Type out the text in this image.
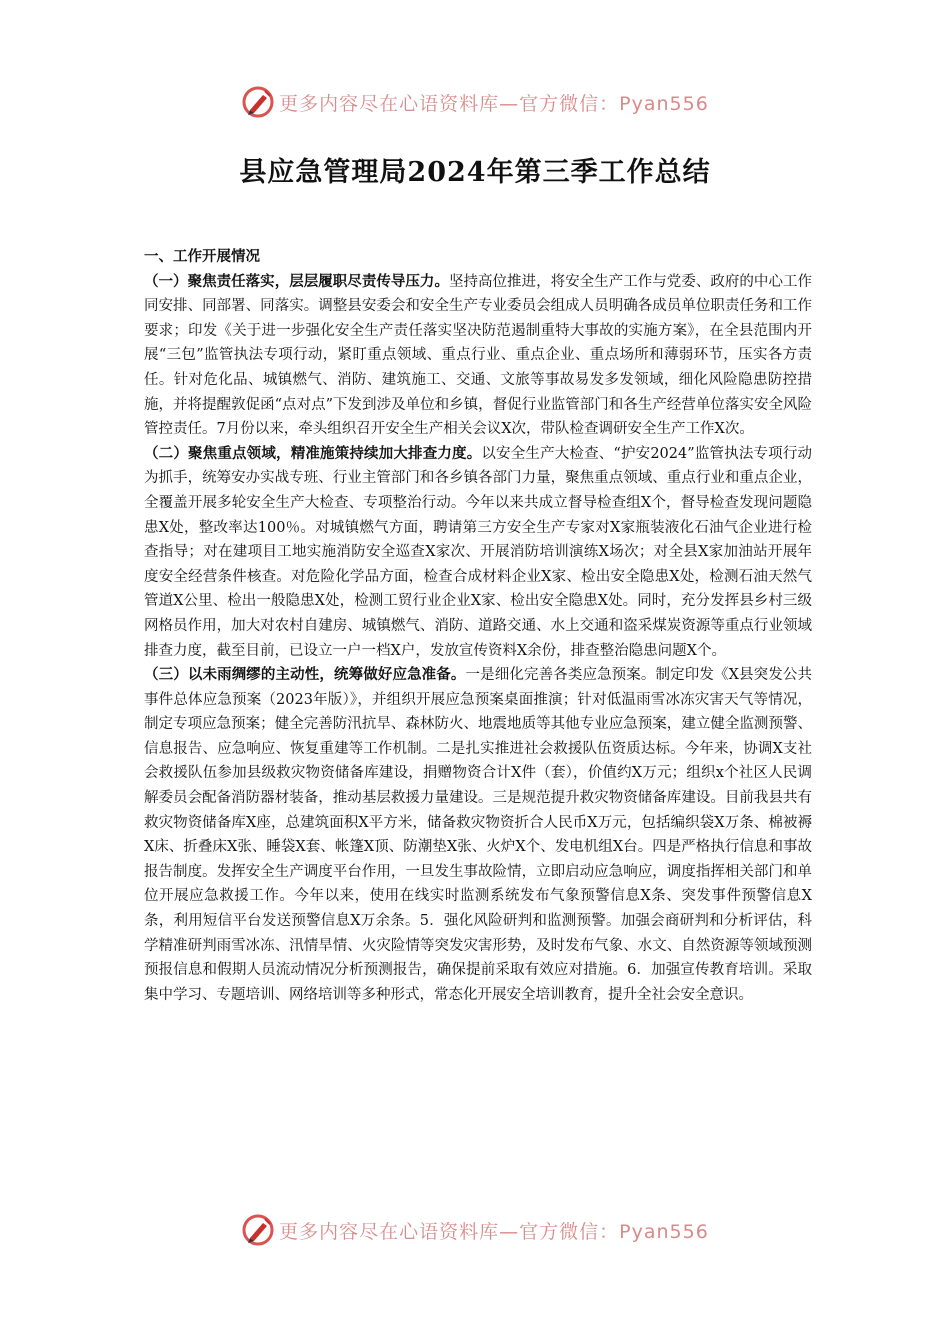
更多内容尽在心语资料库—官方微信：Pyan556
县应急管理局2024年第三季工作总结

一、工作开展情况

（一）聚焦责任落实，层层履职尽责传导压力。坚持高位推进，将安全生产工作与党委、政府的中心工作同安排、同部署、同落实。调整县安委会和安全生产专业委员会组成人员明确各成员单位职责任务和工作要求；印发《关于进一步强化安全生产责任落实坚决防范遏制重特大事故的实施方案》，在全县范围内开展“三包”监管执法专项行动，紧盯重点领域、重点行业、重点企业、重点场所和薄弱环节，压实各方责任。针对危化品、城镇燃气、消防、建筑施工、交通、文旅等事故易发多发领域，细化风险隐患防控措施，并将提醒敦促函“点对点”下发到涉及单位和乡镇，督促行业监管部门和各生产经营单位落实安全风险管控责任。7月份以来，牵头组织召开安全生产相关会议X次，带队检查调研安全生产工作X次。

（二）聚焦重点领域，精准施策持续加大排查力度。以安全生产大检查、“护安2024”监管执法专项行动为抓手，统筹安办实战专班、行业主管部门和各乡镇各部门力量，聚焦重点领域、重点行业和重点企业，全覆盖开展多轮安全生产大检查、专项整治行动。今年以来共成立督导检查组X个，督导检查发现问题隐患X处，整改率达100％。对城镇燃气方面，聘请第三方安全生产专家对X家瓶装液化石油气企业进行检查指导；对在建项目工地实施消防安全巡查X家次、开展消防培训演练X场次；对全县X家加油站开展年度安全经营条件核查。对危险化学品方面，检查合成材料企业X家、检出安全隐患X处，检测石油天然气管道X公里、检出一般隐患X处，检测工贸行业企业X家、检出安全隐患X处。同时，充分发挥县乡村三级网格员作用，加大对农村自建房、城镇燃气、消防、道路交通、水上交通和盗采煤炭资源等重点行业领域排查力度，截至目前，已设立一户一档X户，发放宣传资料X余份，排查整治隐患问题X个。

（三）以未雨绸缪的主动性，统筹做好应急准备。一是细化完善各类应急预案。制定印发《X县突发公共事件总体应急预案（2023年版）》，并组织开展应急预案桌面推演；针对低温雨雪冰冻灾害天气等情况，制定专项应急预案；健全完善防汛抗旱、森林防火、地震地质等其他专业应急预案，建立健全监测预警、信息报告、应急响应、恢复重建等工作机制。二是扎实推进社会救援队伍资质达标。今年来，协调X支社会救援队伍参加县级救灾物资储备库建设，捐赠物资合计X件（套），价值约X万元；组织x个社区人民调解委员会配备消防器材装备，推动基层救援力量建设。三是规范提升救灾物资储备库建设。目前我县共有救灾物资储备库X座，总建筑面积X平方米，储备救灾物资折合人民币X万元，包括编织袋X万条、棉被褥X床、折叠床X张、睡袋X套、帐篷X顶、防潮垫X张、火炉X个、发电机组X台。四是严格执行信息和事故报告制度。发挥安全生产调度平台作用，一旦发生事故险情，立即启动应急响应，调度指挥相关部门和单位开展应急救援工作。今年以来，使用在线实时监测系统发布气象预警信息X条、突发事件预警信息X条，利用短信平台发送预警信息X万余条。5．强化风险研判和监测预警。加强会商研判和分析评估，科学精准研判雨雪冰冻、汛情旱情、火灾险情等突发灾害形势，及时发布气象、水文、自然资源等领域预测预报信息和假期人员流动情况分析预测报告，确保提前采取有效应对措施。6．加强宣传教育培训。采取集中学习、专题培训、网络培训等多种形式，常态化开展安全培训教育，提升全社会安全意识。

更多内容尽在心语资料库—官方微信：Pyan556
